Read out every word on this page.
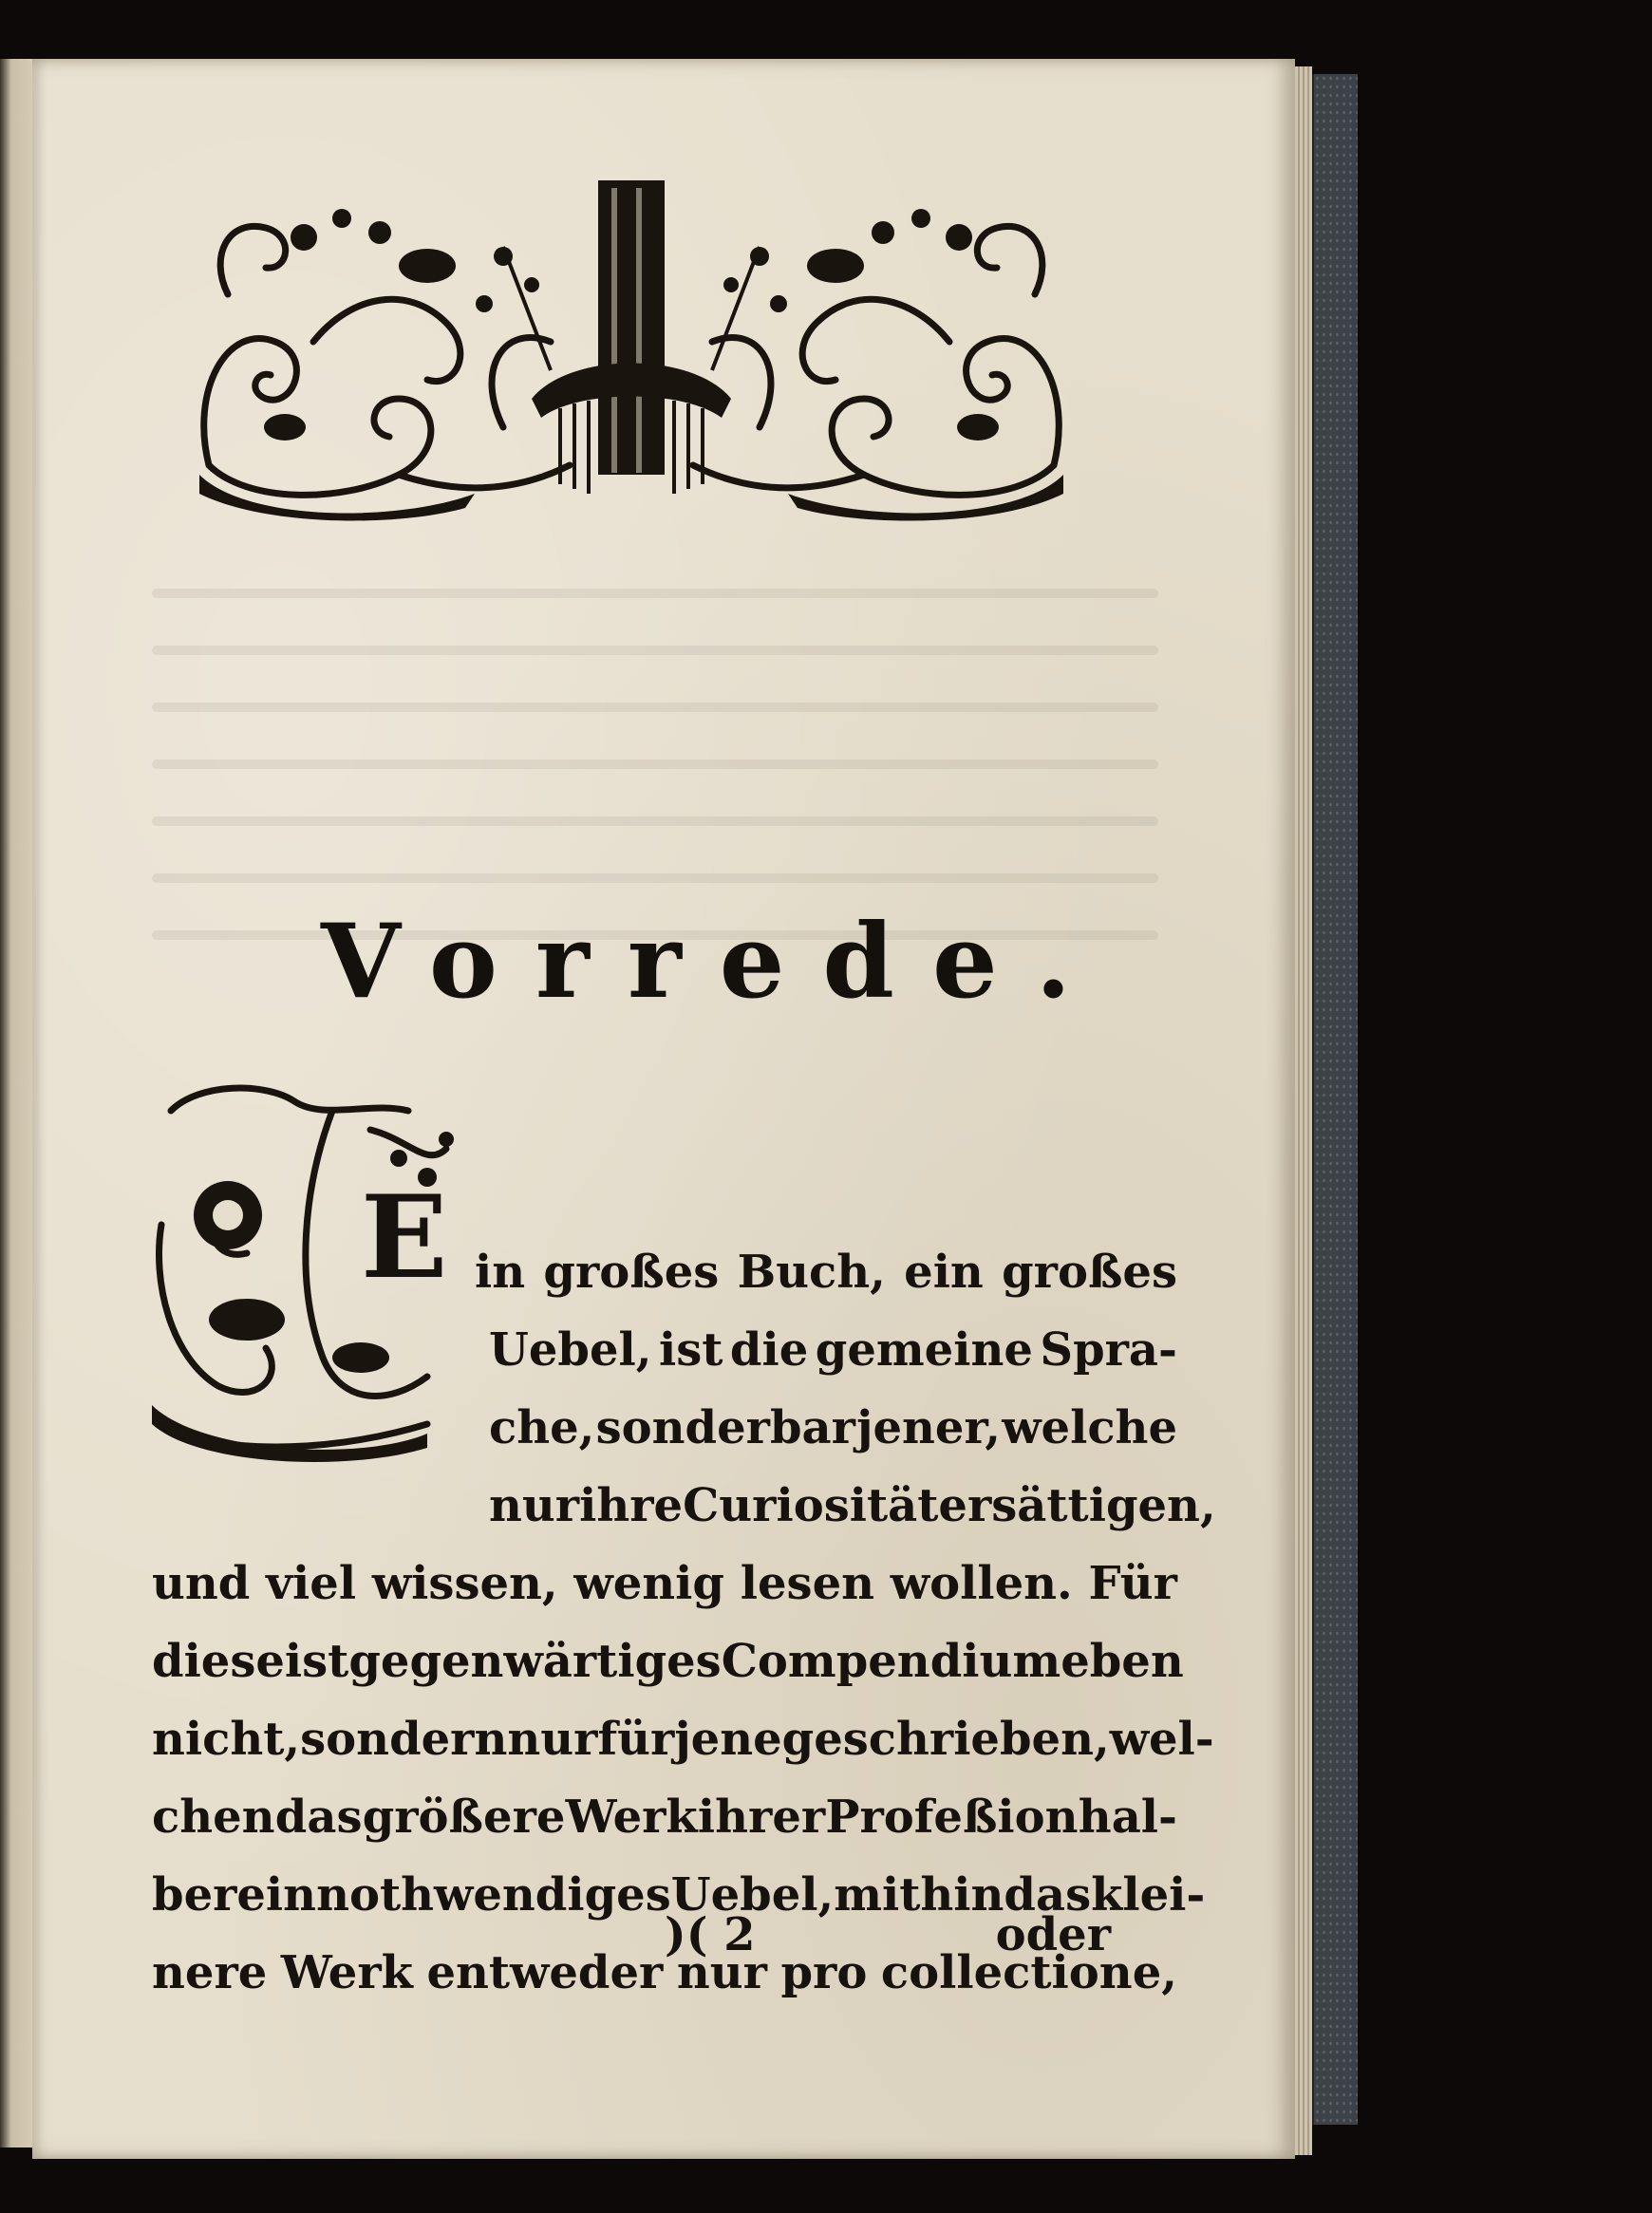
Vorrede.
E in großes Buch, ein großes
Uebel, ist die gemeine Spra-
che, sonderbar jener, welche
nur ihre Curiosität ersättigen,
und viel wissen, wenig lesen wollen. Für
diese ist gegenwärtiges Compendium eben
nicht, sondern nur für jene geschrieben, wel-
chen das größere Werk ihrer Profeßion hal-
ber ein nothwendiges Uebel, mithin das klei-
nere Werk entweder nur pro collectione,
)( 2	oder
